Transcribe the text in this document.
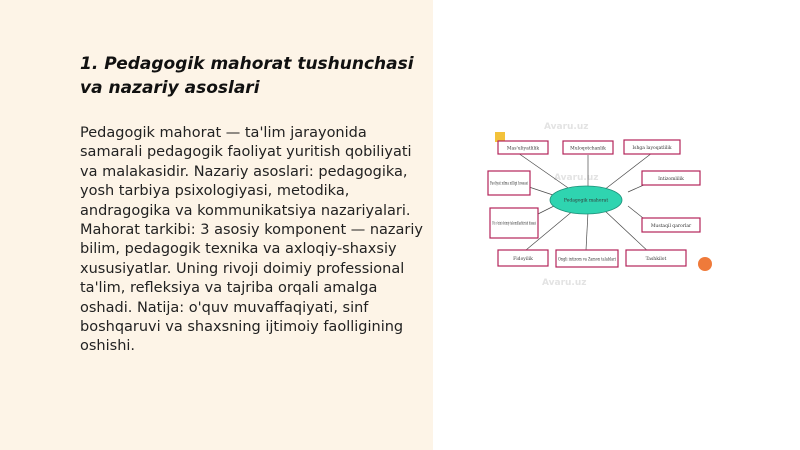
1. Pedagogik mahorat tushunchasi va nazariy asoslari

Pedagogik mahorat — ta'lim jarayonida samarali pedagogik faoliyat yuritish qobiliyati va malakasidir. Nazariy asoslari: pedagogika, yosh tarbiya psixologiyasi, metodika, andragogika va kommunikatsiya nazariyalari. Mahorat tarkibi: 3 asosiy komponent — nazariy bilim, pedagogik texnika va axloqiy-shaxsiy xususiyatlar. Uning rivoji doimiy professional ta'lim, refleksiya va tajriba orqali amalga oshadi. Natija: o'quv muvaffaqiyati, sinf boshqaruvi va shaxsning ijtimoiy faolligining oshishi.

Avaru.uz
Avaru.uz
Avaru.uz
Mas'uliyatlilik	Muloqotchanlik	Ishga layoqatlilik
Faoliyat xilma xilligi hossasi
O'z-o'zini doimiy takomillashtirish hissasi
Pedagogik mahorat
Intizomlilik
Mustaqil qarorlar
Fidoyilik	Ongli intizom va Zamon talablari	Tashkilot
